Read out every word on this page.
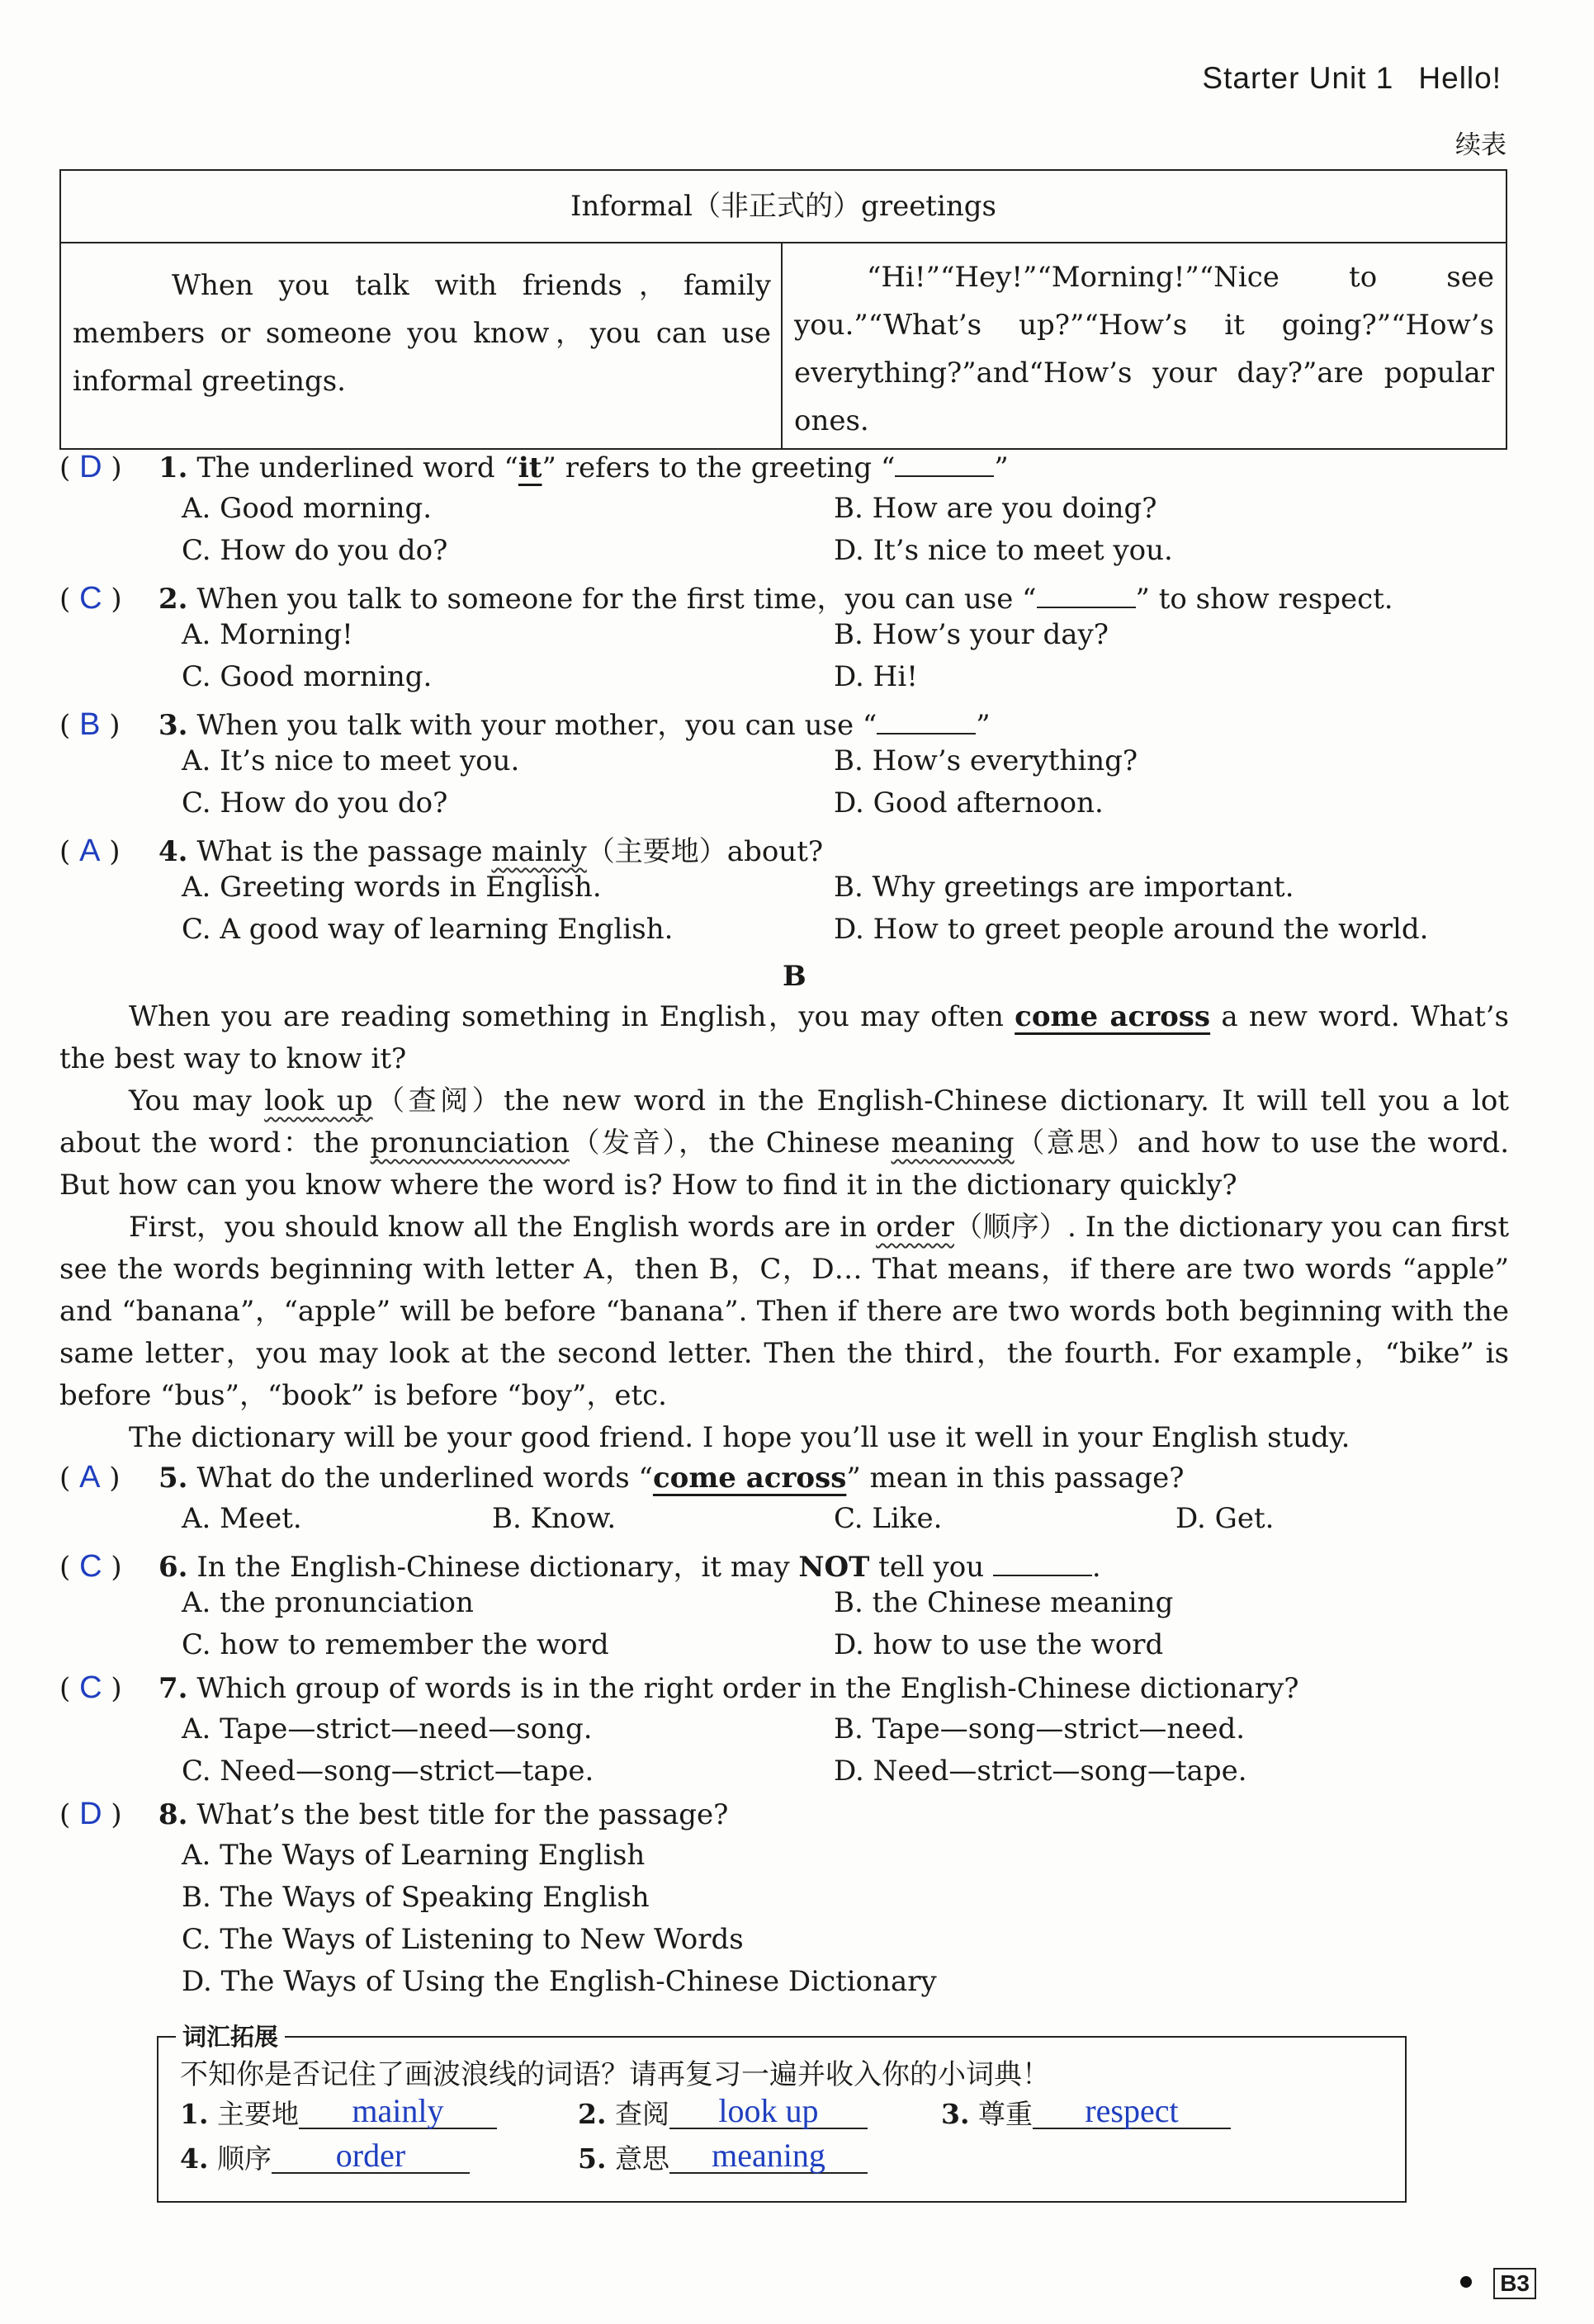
Starter Unit 1 Hello!
续表
Informal（非正式的）greetings
When you talk with friends，family members or someone you know，you can use informal greetings.	“Hi!”“Hey!”“Morning!”“Nice to see you.”“What’s up?”“How’s it going?”“How’s everything?”and“How’s your day?”are popular ones.
( D ) 1. The underlined word “it” refers to the greeting “	”
A. Good morning.	B. How are you doing?
C. How do you do?	D. It’s nice to meet you.
( C ) 2. When you talk to someone for the first time，you can use “	” to show respect.
A. Morning!	B. How’s your day?
C. Good morning.	D. Hi!
( B ) 3. When you talk with your mother，you can use “	”
A. It’s nice to meet you.	B. How’s everything?
C. How do you do?	D. Good afternoon.
( A ) 4. What is the passage mainly（主要地）about?
A. Greeting words in English.	B. Why greetings are important.
C. A good way of learning English.	D. How to greet people around the world.
B

When you are reading something in English，you may often come across a new word. What’s the best way to know it?

You may look up（查阅）the new word in the English-Chinese dictionary. It will tell you a lot about the word：the pronunciation（发音），the Chinese meaning（意思）and how to use the word. But how can you know where the word is? How to find it in the dictionary quickly?

First，you should know all the English words are in order（顺序）. In the dictionary you can first see the words beginning with letter A，then B，C，D… That means，if there are two words “apple” and “banana”，“apple” will be before “banana”. Then if there are two words both beginning with the same letter，you may look at the second letter. Then the third，the fourth. For example，“bike” is before “bus”，“book” is before “boy”，etc.

The dictionary will be your good friend. I hope you’ll use it well in your English study.

( A ) 5. What do the underlined words “come across” mean in this passage?
A. Meet.	B. Know.	C. Like.	D. Get.
( C ) 6. In the English-Chinese dictionary，it may NOT tell you	.
A. the pronunciation	B. the Chinese meaning
C. how to remember the word	D. how to use the word
( C ) 7. Which group of words is in the right order in the English-Chinese dictionary?
A. Tape—strict—need—song.	B. Tape—song—strict—need.
C. Need—song—strict—tape.	D. Need—strict—song—tape.
( D ) 8. What’s the best title for the passage?
A. The Ways of Learning English
B. The Ways of Speaking English
C. The Ways of Listening to New Words
D. The Ways of Using the English-Chinese Dictionary
词汇拓展
不知你是否记住了画波浪线的词语？请再复习一遍并收入你的小词典！
1. 主要地 mainly	2. 查阅 look up	3. 尊重 respect
4. 顺序 order	5. 意思 meaning
B3
